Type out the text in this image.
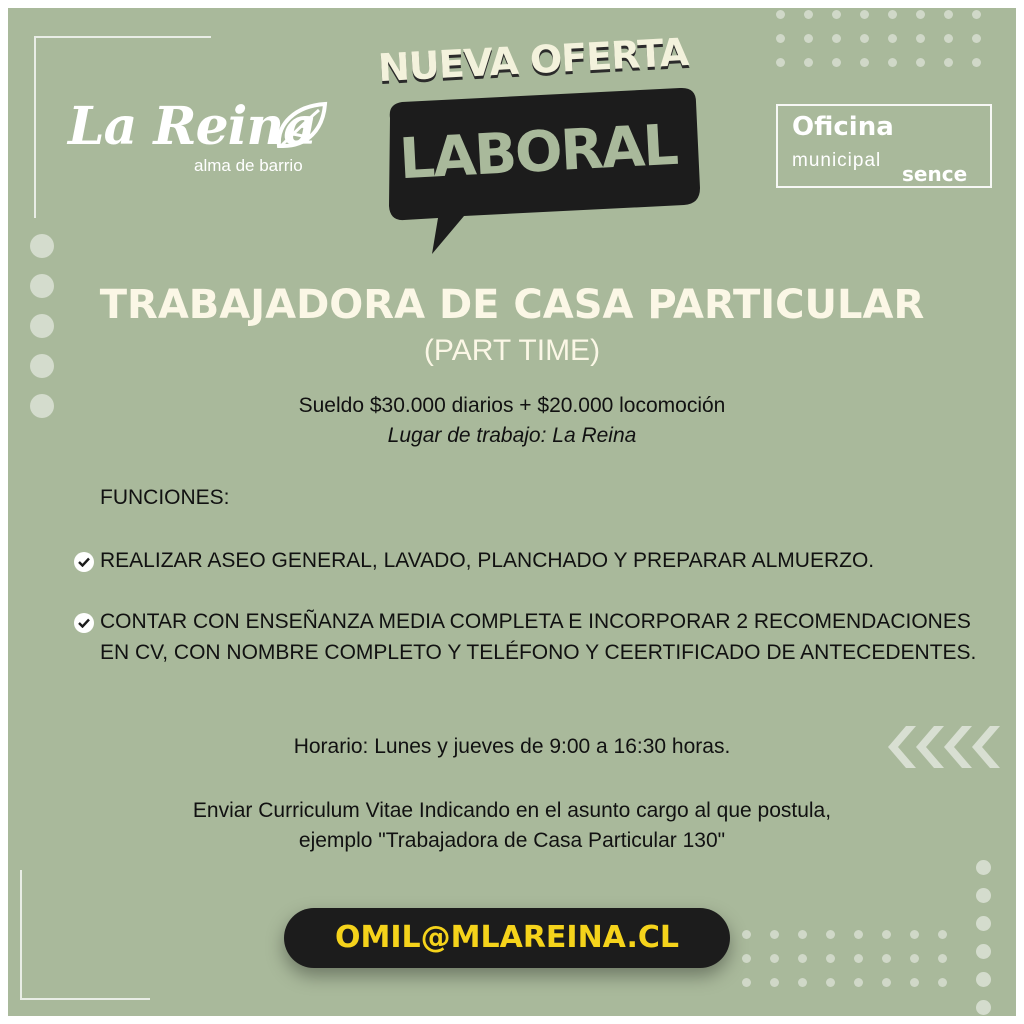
La Reina
alma de barrio
NUEVA OFERTA
LABORAL	Oficina
municipal
sence
TRABAJADORA DE CASA PARTICULAR
(PART TIME)
Sueldo $30.000 diarios + $20.000 locomoción
Lugar de trabajo: La Reina
FUNCIONES:
REALIZAR ASEO GENERAL, LAVADO, PLANCHADO Y PREPARAR ALMUERZO.
CONTAR CON ENSEÑANZA MEDIA COMPLETA E INCORPORAR 2 RECOMENDACIONES EN CV, CON NOMBRE COMPLETO Y TELÉFONO Y CEERTIFICADO DE ANTECEDENTES.
Horario: Lunes y jueves de 9:00 a 16:30 horas.
Enviar Curriculum Vitae Indicando en el asunto cargo al que postula,
ejemplo "Trabajadora de Casa Particular 130"
OMIL@MLAREINA.CL
